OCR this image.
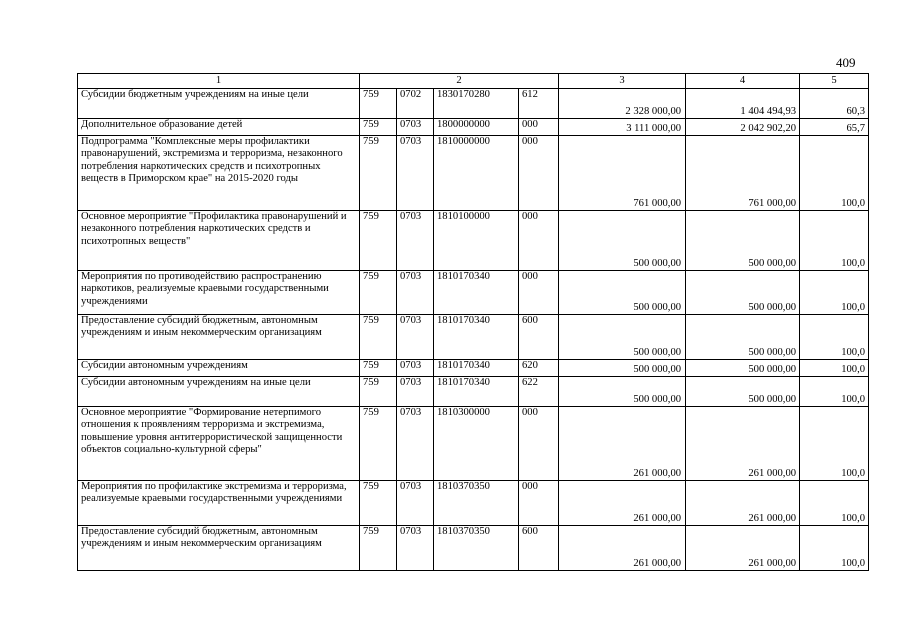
409
1	2				3	4	5
Субсидии бюджетным учреждениям на иные цели	759	0702	1830170280	612	2 328 000,00	1 404 494,93	60,3
Дополнительное образование детей	759	0703	1800000000	000	3 111 000,00	2 042 902,20	65,7
Подпрограмма "Комплексные меры профилактики правонарушений, экстремизма и терроризма, незаконного потребления наркотических средств и психотропных веществ в Приморском крае" на 2015-2020 годы	759	0703	1810000000	000	761 000,00	761 000,00	100,0
Основное мероприятие "Профилактика правонарушений и незаконного потребления наркотических средств и психотропных веществ"	759	0703	1810100000	000	500 000,00	500 000,00	100,0
Мероприятия по противодействию распространению наркотиков, реализуемые краевыми государственными учреждениями	759	0703	1810170340	000	500 000,00	500 000,00	100,0
Предоставление субсидий бюджетным, автономным учреждениям и иным некоммерческим организациям	759	0703	1810170340	600	500 000,00	500 000,00	100,0
Субсидии автономным учреждениям	759	0703	1810170340	620	500 000,00	500 000,00	100,0
Субсидии автономным учреждениям на иные цели	759	0703	1810170340	622	500 000,00	500 000,00	100,0
Основное мероприятие "Формирование нетерпимого отношения к проявлениям терроризма и экстремизма, повышение уровня антитеррористической защищенности объектов социально-культурной сферы"	759	0703	1810300000	000	261 000,00	261 000,00	100,0
Мероприятия по профилактике экстремизма и терроризма, реализуемые краевыми государственными учреждениями	759	0703	1810370350	000	261 000,00	261 000,00	100,0
Предоставление субсидий бюджетным, автономным учреждениям и иным некоммерческим организациям	759	0703	1810370350	600	261 000,00	261 000,00	100,0
